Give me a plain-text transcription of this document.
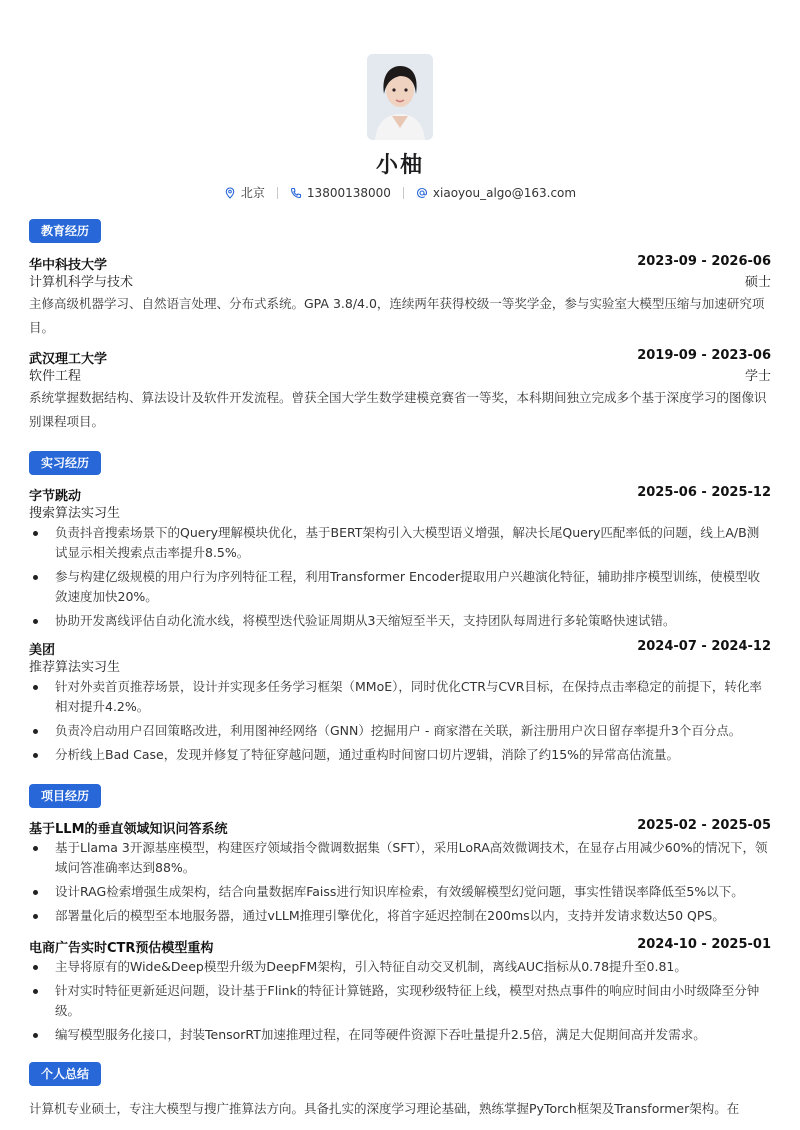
小柚
北京	13800138000	xiaoyou_algo@163.com
教育经历
华中科技大学	2023-09 - 2026-06
计算机科学与技术	硕士
主修高级机器学习、自然语言处理、分布式系统。GPA 3.8/4.0，连续两年获得校级一等奖学金，参与实验室大模型压缩与加速研究项目。
武汉理工大学	2019-09 - 2023-06
软件工程	学士
系统掌握数据结构、算法设计及软件开发流程。曾获全国大学生数学建模竞赛省一等奖，本科期间独立完成多个基于深度学习的图像识别课程项目。
实习经历
字节跳动	2025-06 - 2025-12
搜索算法实习生
负责抖音搜索场景下的Query理解模块优化，基于BERT架构引入大模型语义增强，解决长尾Query匹配率低的问题，线上A/B测试显示相关搜索点击率提升8.5%。
参与构建亿级规模的用户行为序列特征工程，利用Transformer Encoder提取用户兴趣演化特征，辅助排序模型训练，使模型收敛速度加快20%。
协助开发离线评估自动化流水线，将模型迭代验证周期从3天缩短至半天，支持团队每周进行多轮策略快速试错。
美团	2024-07 - 2024-12
推荐算法实习生
针对外卖首页推荐场景，设计并实现多任务学习框架（MMoE），同时优化CTR与CVR目标，在保持点击率稳定的前提下，转化率相对提升4.2%。
负责冷启动用户召回策略改进，利用图神经网络（GNN）挖掘用户 - 商家潜在关联，新注册用户次日留存率提升3个百分点。
分析线上Bad Case，发现并修复了特征穿越问题，通过重构时间窗口切片逻辑，消除了约15%的异常高估流量。
项目经历
基于LLM的垂直领域知识问答系统	2025-02 - 2025-05
基于Llama 3开源基座模型，构建医疗领域指令微调数据集（SFT），采用LoRA高效微调技术，在显存占用减少60%的情况下，领域问答准确率达到88%。
设计RAG检索增强生成架构，结合向量数据库Faiss进行知识库检索，有效缓解模型幻觉问题，事实性错误率降低至5%以下。
部署量化后的模型至本地服务器，通过vLLM推理引擎优化，将首字延迟控制在200ms以内，支持并发请求数达50 QPS。
电商广告实时CTR预估模型重构	2024-10 - 2025-01
主导将原有的Wide&Deep模型升级为DeepFM架构，引入特征自动交叉机制，离线AUC指标从0.78提升至0.81。
针对实时特征更新延迟问题，设计基于Flink的特征计算链路，实现秒级特征上线，模型对热点事件的响应时间由小时级降至分钟级。
编写模型服务化接口，封装TensorRT加速推理过程，在同等硬件资源下吞吐量提升2.5倍，满足大促期间高并发需求。
个人总结
计算机专业硕士，专注大模型与搜广推算法方向。具备扎实的深度学习理论基础，熟练掌握PyTorch框架及Transformer架构。在
